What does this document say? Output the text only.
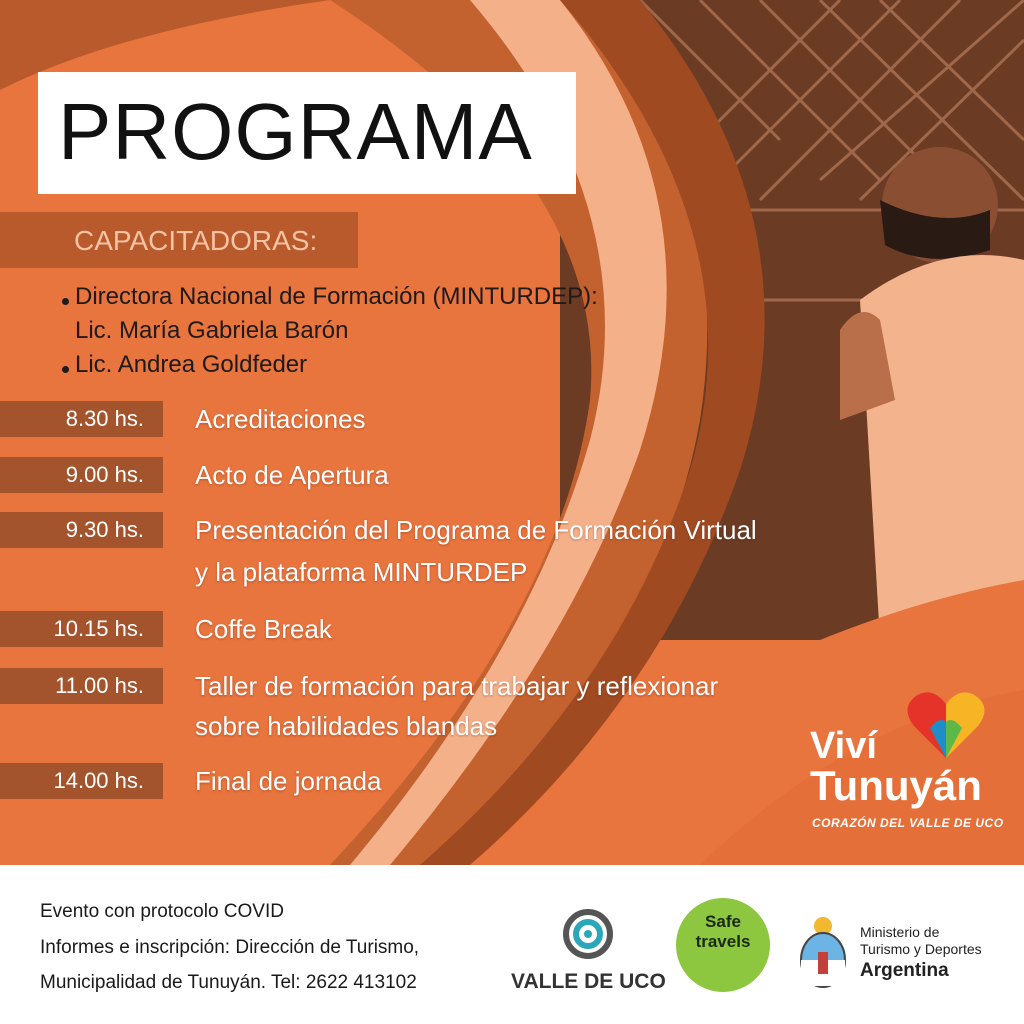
PROGRAMA
CAPACITADORAS:
Directora Nacional de Formación (MINTURDEP):
Lic. María Gabriela Barón
Lic. Andrea Goldfeder
8.30 hs.	Acreditaciones
9.00 hs.	Acto de Apertura
9.30 hs.	Presentación del Programa de Formación Virtual
y la plataforma MINTURDEP
10.15 hs.	Coffe Break
11.00 hs.	Taller de formación para trabajar y reflexionar
sobre habilidades blandas
14.00 hs.	Final de jornada
Viví
Tunuyán
CORAZÓN DEL VALLE DE UCO
Evento con protocolo COVID
Informes e inscripción: Dirección de Turismo,
Municipalidad de Tunuyán. Tel: 2622 413102	VALLE DE UCO
Safe
travels	Ministerio de
Turismo y Deportes
Argentina
